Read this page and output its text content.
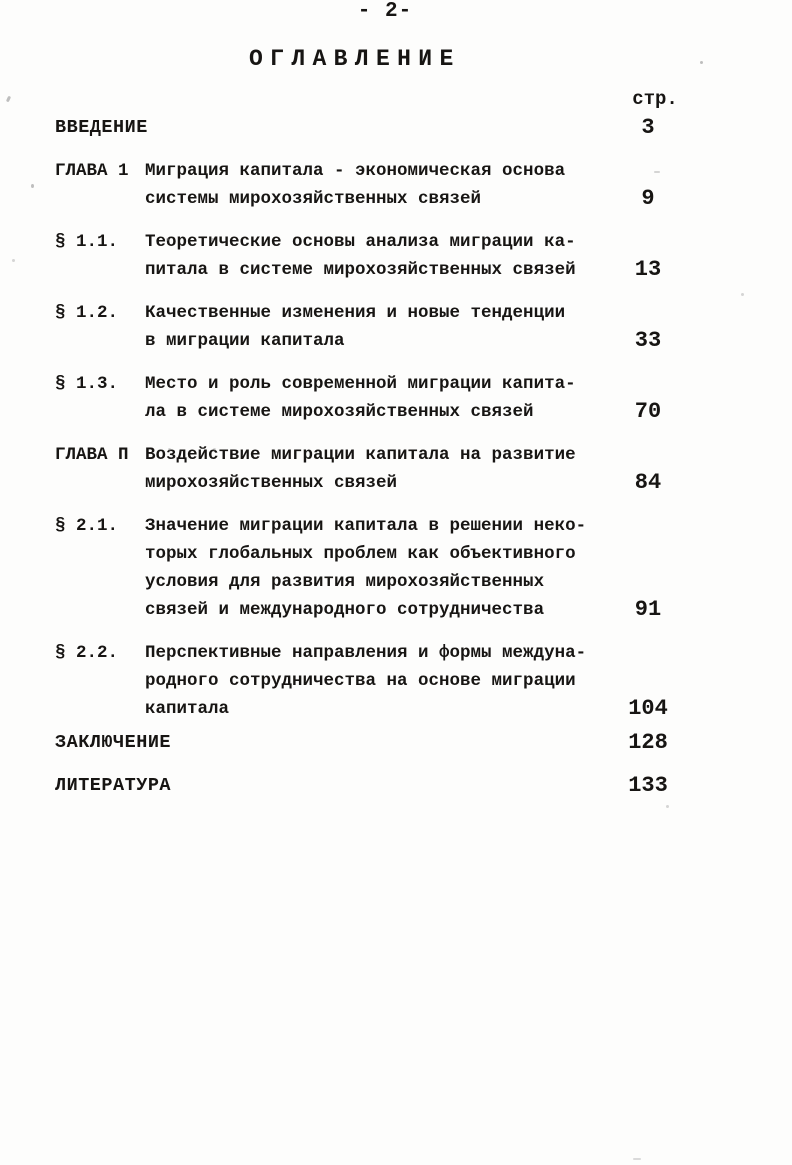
- 2-
ОГЛАВЛЕНИЕ
стр.
ВВЕДЕНИЕ	3
ГЛАВА 1 Миграция капитала - экономическая основа
системы мирохозяйственных связей	9
§ 1.1.	Теоретические основы анализа миграции ка-
питала в системе мирохозяйственных связей	13
§ 1.2.	Качественные изменения и новые тенденции
в миграции капитала	33
§ 1.3.	Место и роль современной миграции капита-
ла в системе мирохозяйственных связей	70
ГЛАВА П Воздействие миграции капитала на развитие
мирохозяйственных связей	84
§ 2.1.	Значение миграции капитала в решении неко-
торых глобальных проблем как объективного
условия для развития мирохозяйственных
связей и международного сотрудничества	91
§ 2.2.	Перспективные направления и формы междуна-
родного сотрудничества на основе миграции
капитала	104
ЗАКЛЮЧЕНИЕ	128
ЛИТЕРАТУРА	133
